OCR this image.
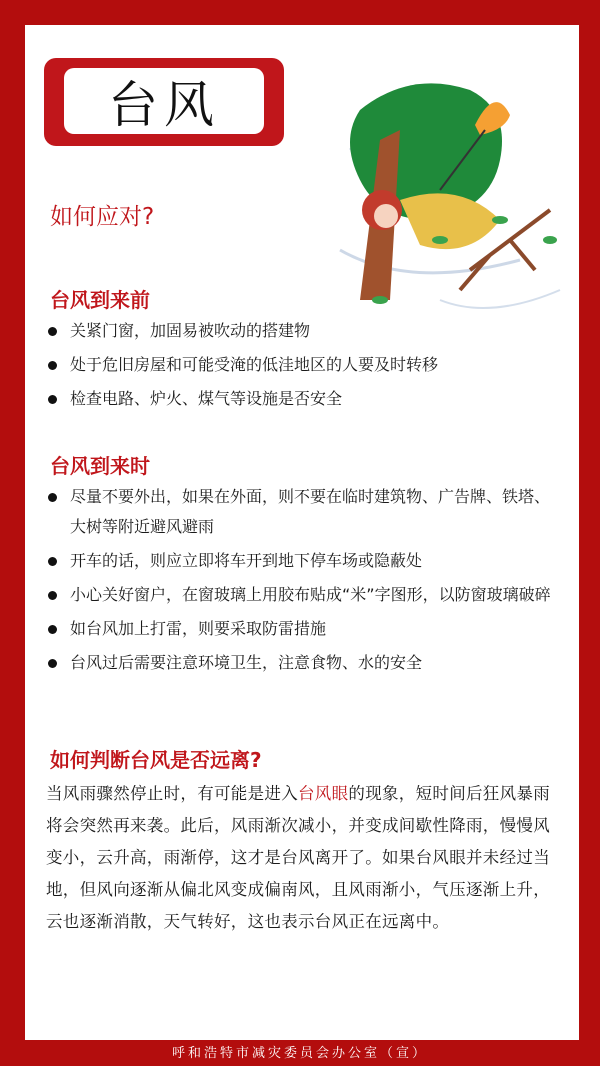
台风
如何应对?
台风到来前
关紧门窗，加固易被吹动的搭建物
处于危旧房屋和可能受淹的低洼地区的人要及时转移
检查电路、炉火、煤气等设施是否安全
台风到来时
尽量不要外出，如果在外面，则不要在临时建筑物、广告牌、铁塔、大树等附近避风避雨
开车的话，则应立即将车开到地下停车场或隐蔽处
小心关好窗户，在窗玻璃上用胶布贴成“米”字图形，以防窗玻璃破碎
如台风加上打雷，则要采取防雷措施
台风过后需要注意环境卫生，注意食物、水的安全
如何判断台风是否远离?

当风雨骤然停止时，有可能是进入台风眼的现象，短时间后狂风暴雨将会突然再来袭。此后，风雨渐次减小，并变成间歇性降雨，慢慢风变小，云升高，雨渐停，这才是台风离开了。如果台风眼并未经过当地，但风向逐渐从偏北风变成偏南风，且风雨渐小，气压逐渐上升，云也逐渐消散，天气转好，这也表示台风正在远离中。

呼和浩特市减灾委员会办公室（宣）
